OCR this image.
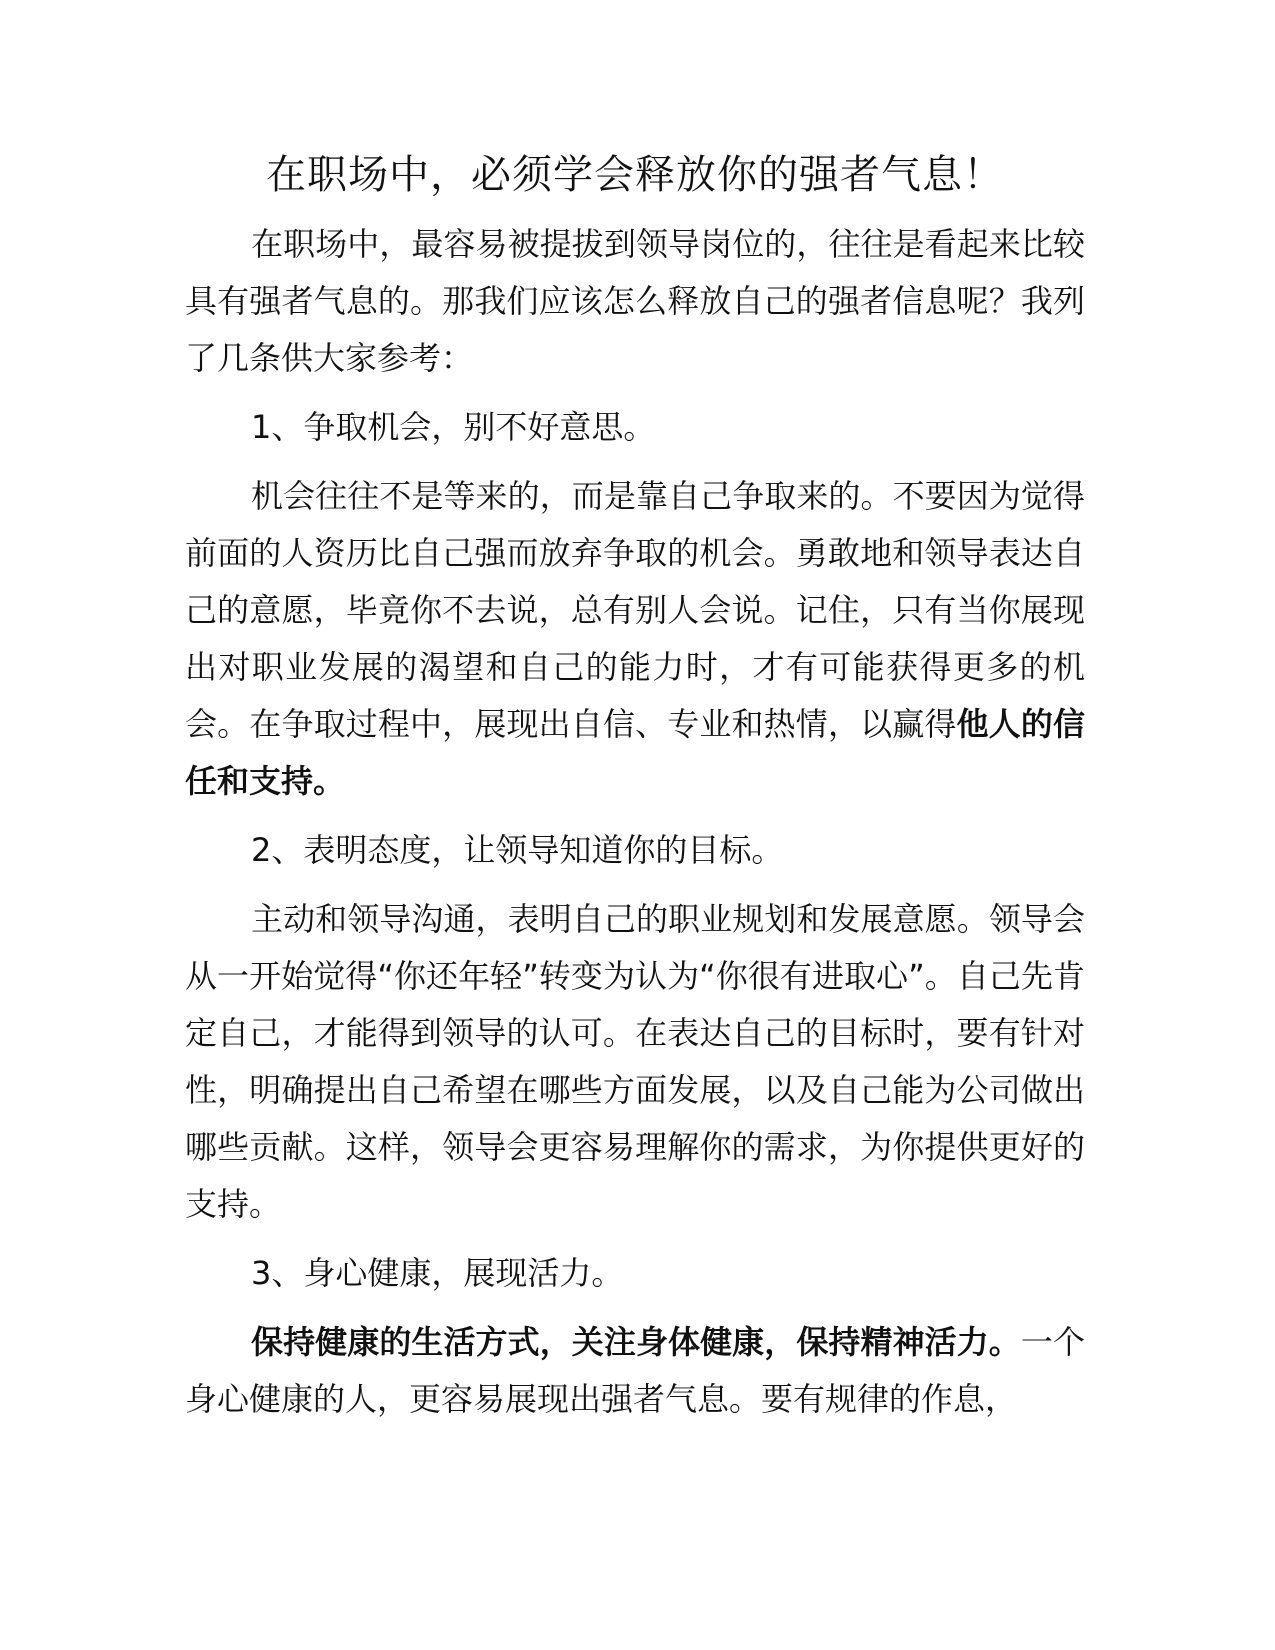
在职场中，必须学会释放你的强者气息！

在职场中，最容易被提拔到领导岗位的，往往是看起来比较具有强者气息的。那我们应该怎么释放自己的强者信息呢？我列了几条供大家参考：

1、争取机会，别不好意思。

机会往往不是等来的，而是靠自己争取来的。不要因为觉得前面的人资历比自己强而放弃争取的机会。勇敢地和领导表达自己的意愿，毕竟你不去说，总有别人会说。记住，只有当你展现出对职业发展的渴望和自己的能力时，才有可能获得更多的机会。在争取过程中，展现出自信、专业和热情，以赢得他人的信任和支持。

2、表明态度，让领导知道你的目标。

主动和领导沟通，表明自己的职业规划和发展意愿。领导会从一开始觉得“你还年轻”转变为认为“你很有进取心”。自己先肯定自己，才能得到领导的认可。在表达自己的目标时，要有针对性，明确提出自己希望在哪些方面发展，以及自己能为公司做出哪些贡献。这样，领导会更容易理解你的需求，为你提供更好的支持。

3、身心健康，展现活力。

保持健康的生活方式，关注身体健康，保持精神活力。一个身心健康的人，更容易展现出强者气息。要有规律的作息，
